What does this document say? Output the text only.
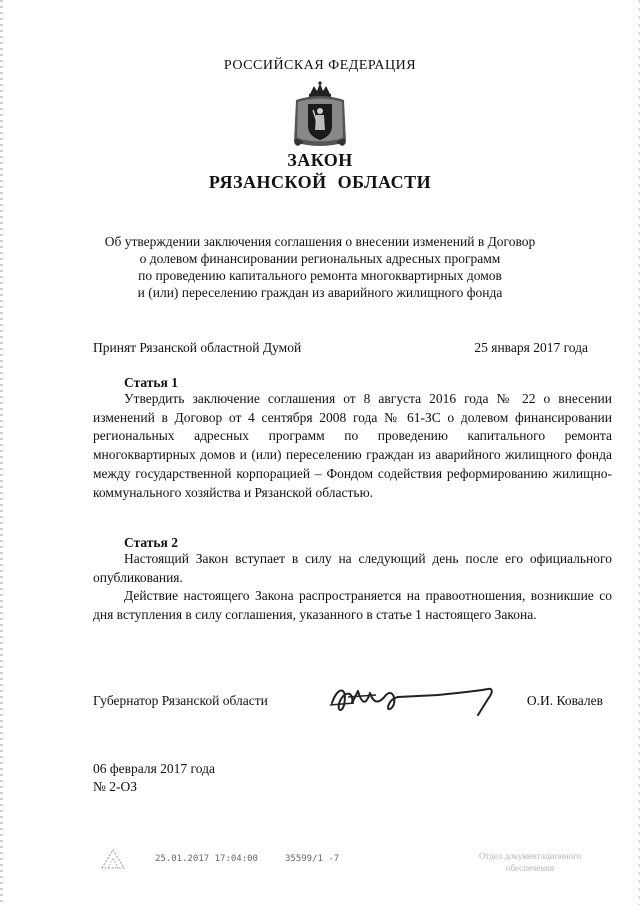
РОССИЙСКАЯ ФЕДЕРАЦИЯ
ЗАКОН
РЯЗАНСКОЙ ОБЛАСТИ
Об утверждении заключения соглашения о внесении изменений в Договор
о долевом финансировании региональных адресных программ
по проведению капитального ремонта многоквартирных домов
и (или) переселению граждан из аварийного жилищного фонда
Принят Рязанской областной Думой	25 января 2017 года
Статья 1
Утвердить заключение соглашения от 8 августа 2016 года № 22 о внесении изменений в Договор от 4 сентября 2008 года № 61-ЗС о долевом финансировании региональных адресных программ по проведению капитального ремонта многоквартирных домов и (или) переселению граждан из аварийного жилищного фонда между государственной корпорацией – Фондом содействия реформированию жилищно-коммунального хозяйства и Рязанской областью.
Статья 2
Настоящий Закон вступает в силу на следующий день после его официального опубликования.
Действие настоящего Закона распространяется на правоотношения, возникшие со дня вступления в силу соглашения, указанного в статье 1 настоящего Закона.
Губернатор Рязанской области	О.И. Ковалев
06 февраля 2017 года
№ 2-ОЗ
25.01.2017 17:04:00	35599/1 -7	Отдел документационного
обеспечения
